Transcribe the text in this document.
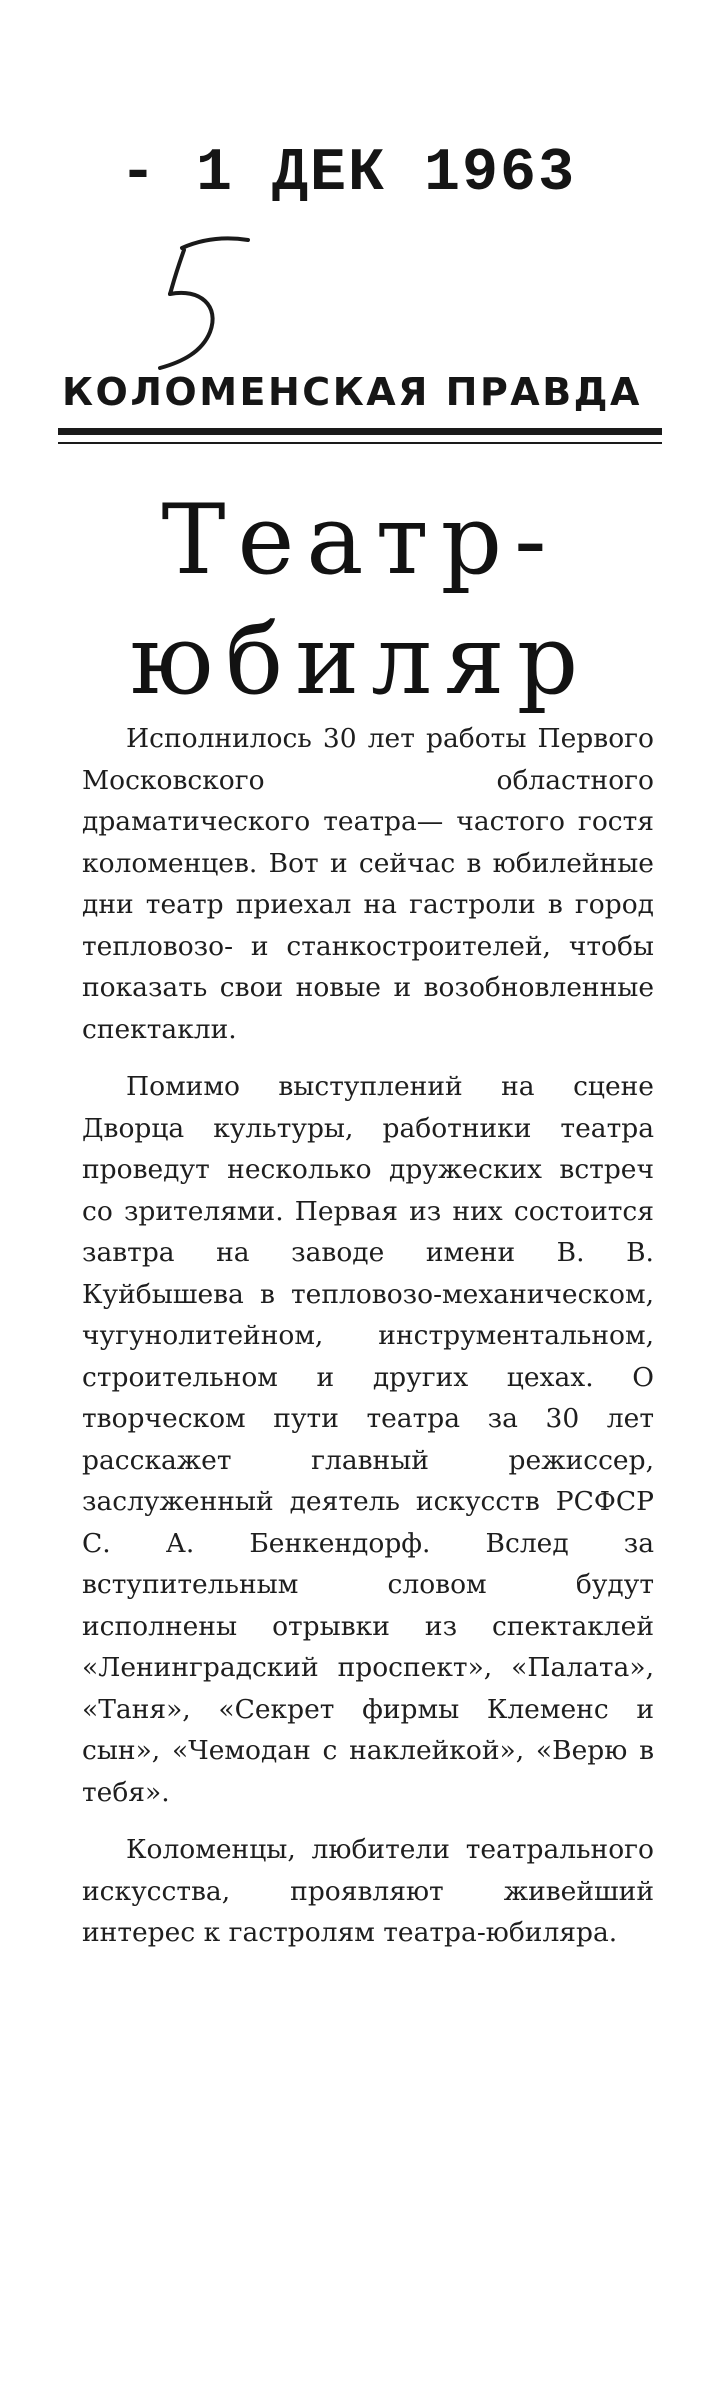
- 1 ДЕК 1963
КОЛОМЕНСКАЯ ПРАВДА
Театр-
юбиляр

Исполнилось 30 лет работы Первого Московского областного драматического театра— частого гостя коломенцев. Вот и сейчас в юбилейные дни театр приехал на гастроли в город тепловозо- и станкостроителей, чтобы показать свои новые и возобновленные спектакли.

Помимо выступлений на сцене Дворца культуры, работники театра проведут несколько дружеских встреч со зрителями. Первая из них состоится завтра на заводе имени В. В. Куйбышева в тепловозо-механическом, чугунолитейном, инструментальном, строительном и других цехах. О творческом пути театра за 30 лет расскажет главный режиссер, заслуженный деятель искусств РСФСР С. А. Бенкендорф. Вслед за вступительным словом будут исполнены отрывки из спектаклей «Ленинградский проспект», «Палата», «Таня», «Секрет фирмы Клеменс и сын», «Чемодан с наклейкой», «Верю в тебя».

Коломенцы, любители театрального искусства, проявляют живейший интерес к гастролям театра-юбиляра.
